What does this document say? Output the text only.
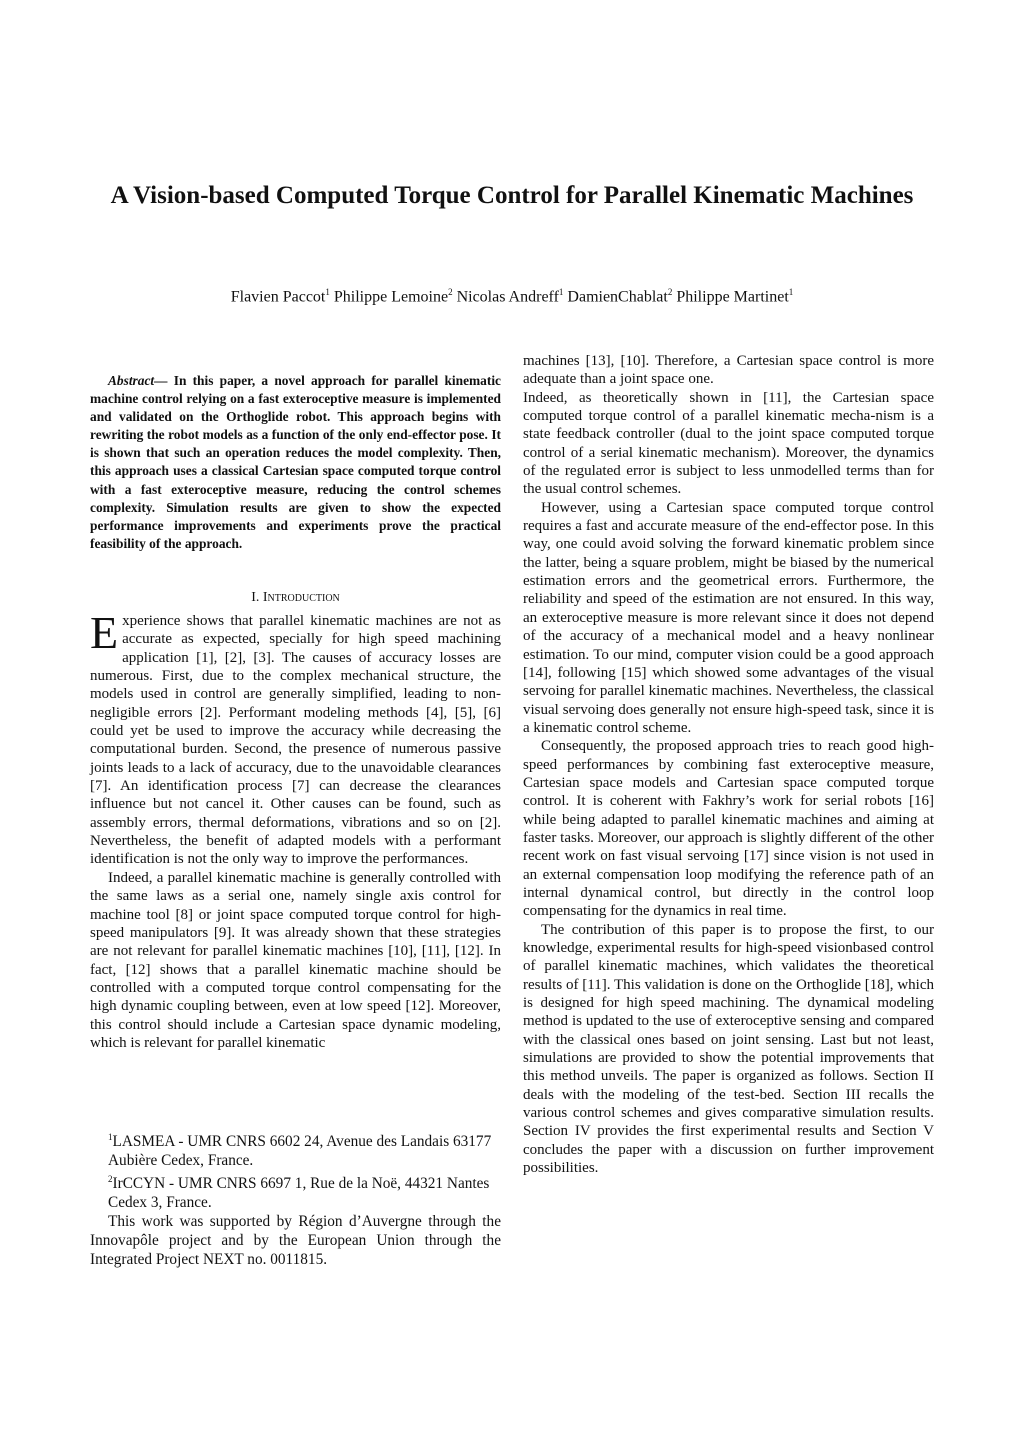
A Vision-based Computed Torque Control for Parallel Kinematic Machines
Flavien Paccot$^1$ Philippe Lemoine$^2$ Nicolas Andreff$^1$ DamienChablat$^2$ Philippe Martinet$^1$

Abstract— In this paper, a novel approach for parallel kinematic machine control relying on a fast exteroceptive measure is implemented and validated on the Orthoglide robot. This approach begins with rewriting the robot models as a function of the only end-effector pose. It is shown that such an operation reduces the model complexity. Then, this approach uses a classical Cartesian space computed torque control with a fast exteroceptive measure, reducing the control schemes complexity. Simulation results are given to show the expected performance improvements and experiments prove the practical feasibility of the approach.

I. Introduction

Experience shows that parallel kinematic machines are not as accurate as expected, specially for high speed machining application [1], [2], [3]. The causes of accuracy losses are numerous. First, due to the complex mechanical structure, the models used in control are generally simplified, leading to non-negligible errors [2]. Performant modeling methods [4], [5], [6] could yet be used to improve the accuracy while decreasing the computational burden. Second, the presence of numerous passive joints leads to a lack of accuracy, due to the unavoidable clearances [7]. An identification process [7] can decrease the clearances influence but not cancel it. Other causes can be found, such as assembly errors, thermal deformations, vibrations and so on [2]. Nevertheless, the benefit of adapted models with a performant identification is not the only way to improve the performances.

Indeed, a parallel kinematic machine is generally controlled with the same laws as a serial one, namely single axis control for machine tool [8] or joint space computed torque control for high-speed manipulators [9]. It was already shown that these strategies are not relevant for parallel kinematic machines [10], [11], [12]. In fact, [12] shows that a parallel kinematic machine should be controlled with a computed torque control compensating for the high dynamic coupling between, even at low speed [12]. Moreover, this control should include a Cartesian space dynamic modeling, which is relevant for parallel kinematic

$^1$LASMEA - UMR CNRS 6602 24, Avenue des Landais 63177

Aubière Cedex, France.

$^2$IrCCYN - UMR CNRS 6697 1, Rue de la Noë, 44321 Nantes

Cedex 3, France.

This work was supported by Région d’Auvergne through the Innovapôle project and by the European Union through the Integrated Project NEXT no. 0011815.

machines [13], [10]. Therefore, a Cartesian space control is more adequate than a joint space one.

Indeed, as theoretically shown in [11], the Cartesian space computed torque control of a parallel kinematic mecha-nism is a state feedback controller (dual to the joint space computed torque control of a serial kinematic mechanism). Moreover, the dynamics of the regulated error is subject to less unmodelled terms than for the usual control schemes.

However, using a Cartesian space computed torque control requires a fast and accurate measure of the end-effector pose. In this way, one could avoid solving the forward kinematic problem since the latter, being a square problem, might be biased by the numerical estimation errors and the geometrical errors. Furthermore, the reliability and speed of the estimation are not ensured. In this way, an exteroceptive measure is more relevant since it does not depend of the accuracy of a mechanical model and a heavy nonlinear estimation. To our mind, computer vision could be a good approach [14], following [15] which showed some advantages of the visual servoing for parallel kinematic machines. Nevertheless, the classical visual servoing does generally not ensure high-speed task, since it is a kinematic control scheme.

Consequently, the proposed approach tries to reach good high-speed performances by combining fast exteroceptive measure, Cartesian space models and Cartesian space computed torque control. It is coherent with Fakhry’s work for serial robots [16] while being adapted to parallel kinematic machines and aiming at faster tasks. Moreover, our approach is slightly different of the other recent work on fast visual servoing [17] since vision is not used in an external compensation loop modifying the reference path of an internal dynamical control, but directly in the control loop compensating for the dynamics in real time.

The contribution of this paper is to propose the first, to our knowledge, experimental results for high-speed visionbased control of parallel kinematic machines, which validates the theoretical results of [11]. This validation is done on the Orthoglide [18], which is designed for high speed machining. The dynamical modeling method is updated to the use of exteroceptive sensing and compared with the classical ones based on joint sensing. Last but not least, simulations are provided to show the potential improvements that this method unveils. The paper is organized as follows. Section II deals with the modeling of the test-bed. Section III recalls the various control schemes and gives comparative simulation results. Section IV provides the first experimental results and Section V concludes the paper with a discussion on further improvement possibilities.
